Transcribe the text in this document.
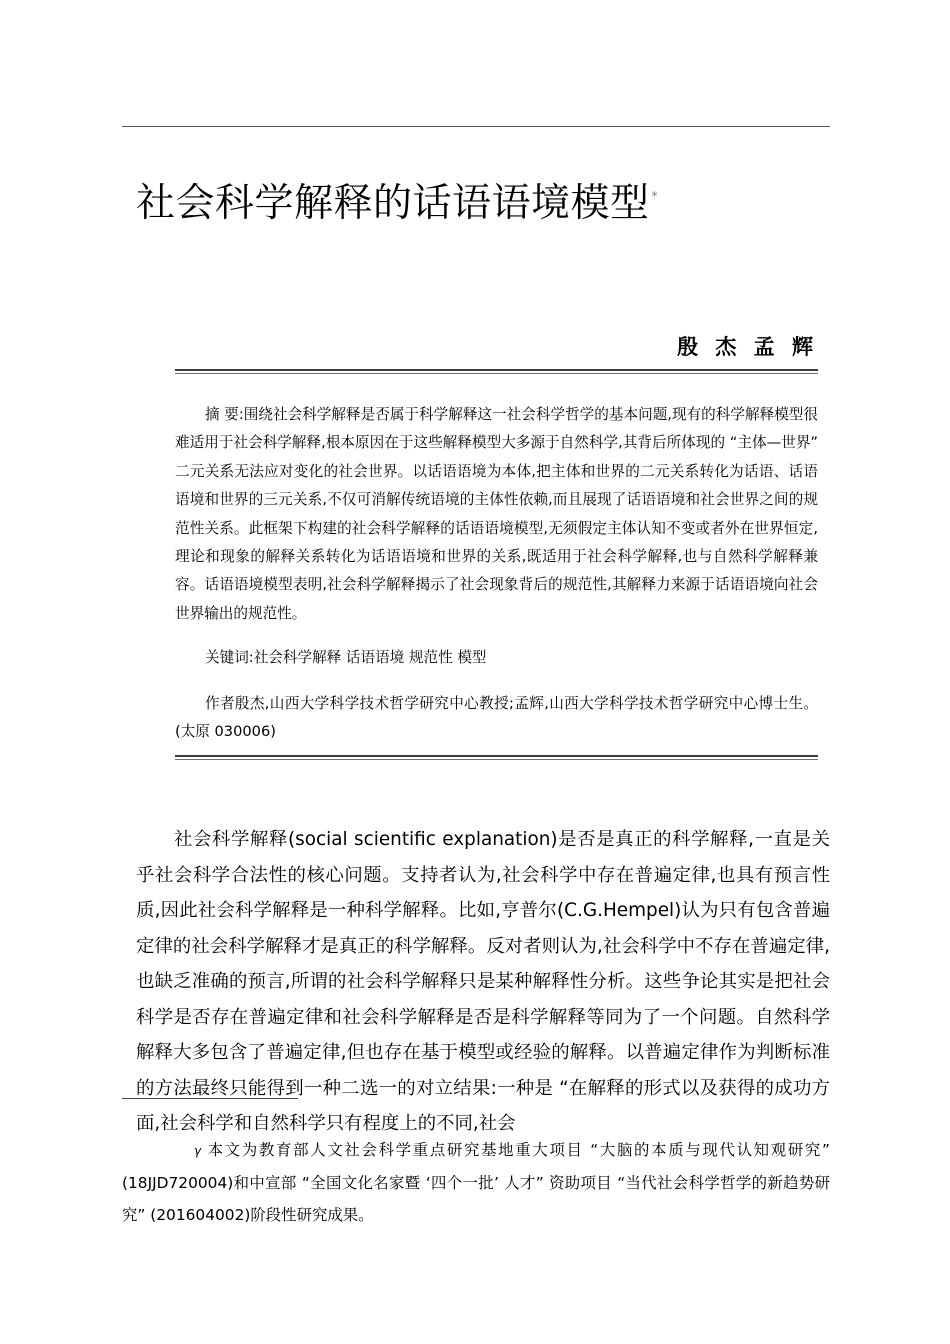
社会科学解释的话语语境模型 *
殷 杰 孟 辉

摘 要:围绕社会科学解释是否属于科学解释这一社会科学哲学的基本问题,现有的科学解释模型很难适用于社会科学解释,根本原因在于这些解释模型大多源于自然科学,其背后所体现的 “主体—世界” 二元关系无法应对变化的社会世界。以话语语境为本体,把主体和世界的二元关系转化为话语、话语语境和世界的三元关系,不仅可消解传统语境的主体性依赖,而且展现了话语语境和社会世界之间的规范性关系。此框架下构建的社会科学解释的话语语境模型,无须假定主体认知不变或者外在世界恒定,理论和现象的解释关系转化为话语语境和世界的关系,既适用于社会科学解释,也与自然科学解释兼容。话语语境模型表明,社会科学解释揭示了社会现象背后的规范性,其解释力来源于话语语境向社会世界输出的规范性。

关键词:社会科学解释 话语语境 规范性 模型

作者殷杰,山西大学科学技术哲学研究中心教授;孟辉,山西大学科学技术哲学研究中心博士生。(太原 030006)

社会科学解释(social scientific explanation)是否是真正的科学解释,一直是关乎社会科学合法性的核心问题。支持者认为,社会科学中存在普遍定律,也具有预言性质,因此社会科学解释是一种科学解释。比如,亨普尔(C.G.Hempel)认为只有包含普遍定律的社会科学解释才是真正的科学解释。反对者则认为,社会科学中不存在普遍定律,也缺乏准确的预言,所谓的社会科学解释只是某种解释性分析。这些争论其实是把社会科学是否存在普遍定律和社会科学解释是否是科学解释等同为了一个问题。自然科学解释大多包含了普遍定律,但也存在基于模型或经验的解释。以普遍定律作为判断标准的方法最终只能得到一种二选一的对立结果:一种是 “在解释的形式以及获得的成功方面,社会科学和自然科学只有程度上的不同,社会

γ 本文为教育部人文社会科学重点研究基地重大项目 “大脑的本质与现代认知观研究” (18JJD720004)和中宣部 “全国文化名家暨 ‘四个一批’ 人才” 资助项目 “当代社会科学哲学的新趋势研究” (201604002)阶段性研究成果。
